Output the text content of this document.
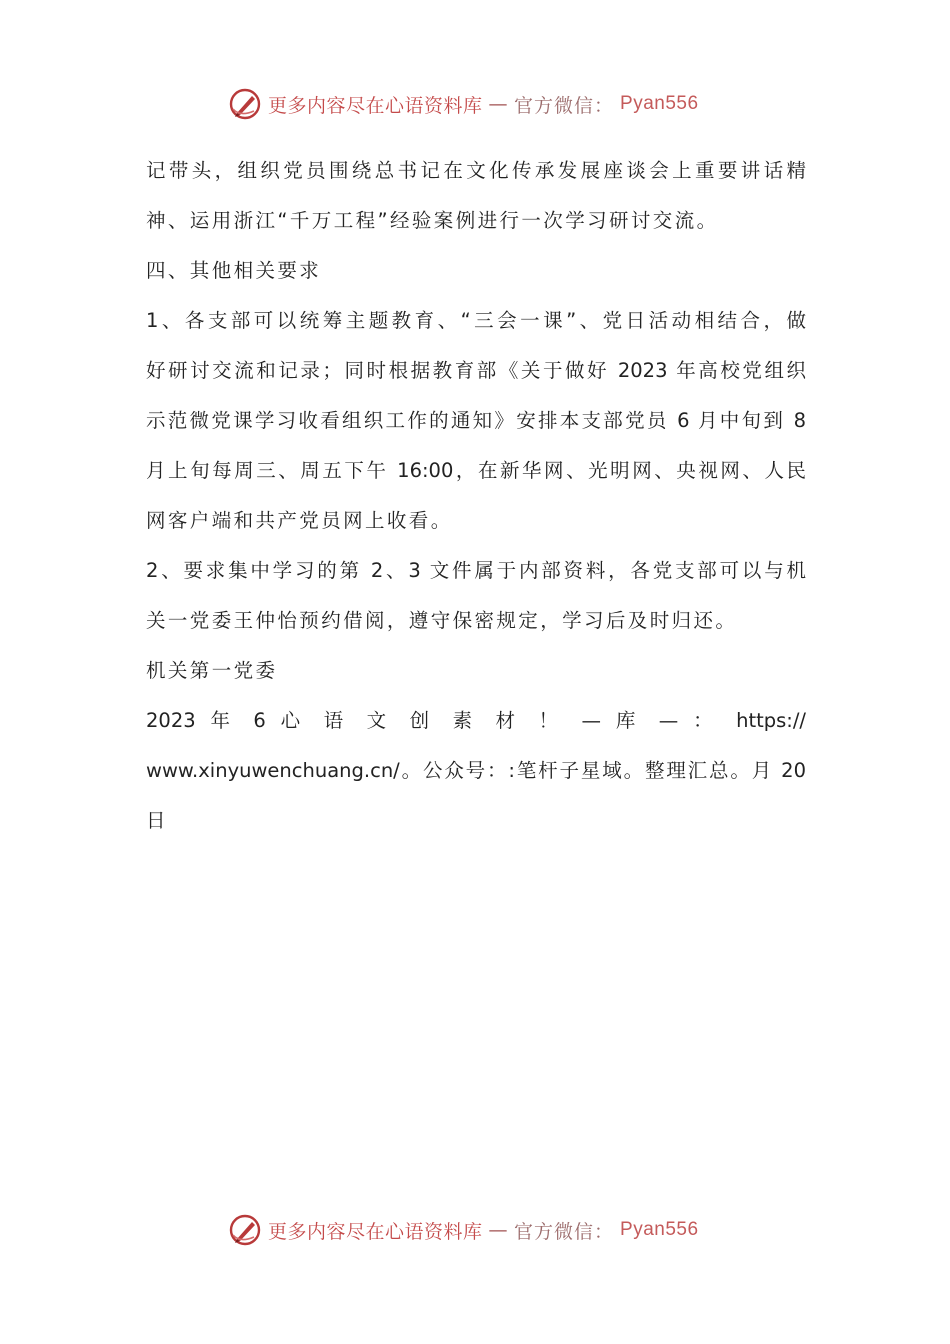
更多内容尽在心语资料库 — 官方微信： Pyan556
记带头，组织党员围绕总书记在文化传承发展座谈会上重要讲话精
神、运用浙江“千万工程”经验案例进行一次学习研讨交流。
四、其他相关要求
1、各支部可以统筹主题教育、“三会一课”、党日活动相结合，做
好研讨交流和记录；同时根据教育部《关于做好 2023 年高校党组织
示范微党课学习收看组织工作的通知》安排本支部党员 6 月中旬到 8
月上旬每周三、周五下午 16:00，在新华网、光明网、央视网、人民
网客户端和共产党员网上收看。
2、要求集中学习的第 2、3 文件属于内部资料，各党支部可以与机
关一党委王仲怡预约借阅，遵守保密规定，学习后及时归还。
机关第一党委
2023 年 6 心 语 文 创 素 材 ！ — 库 — ： https://
www.xinyuwenchuang.cn/。公众号：:笔杆子星域。整理汇总。月 20
日
更多内容尽在心语资料库 — 官方微信： Pyan556
